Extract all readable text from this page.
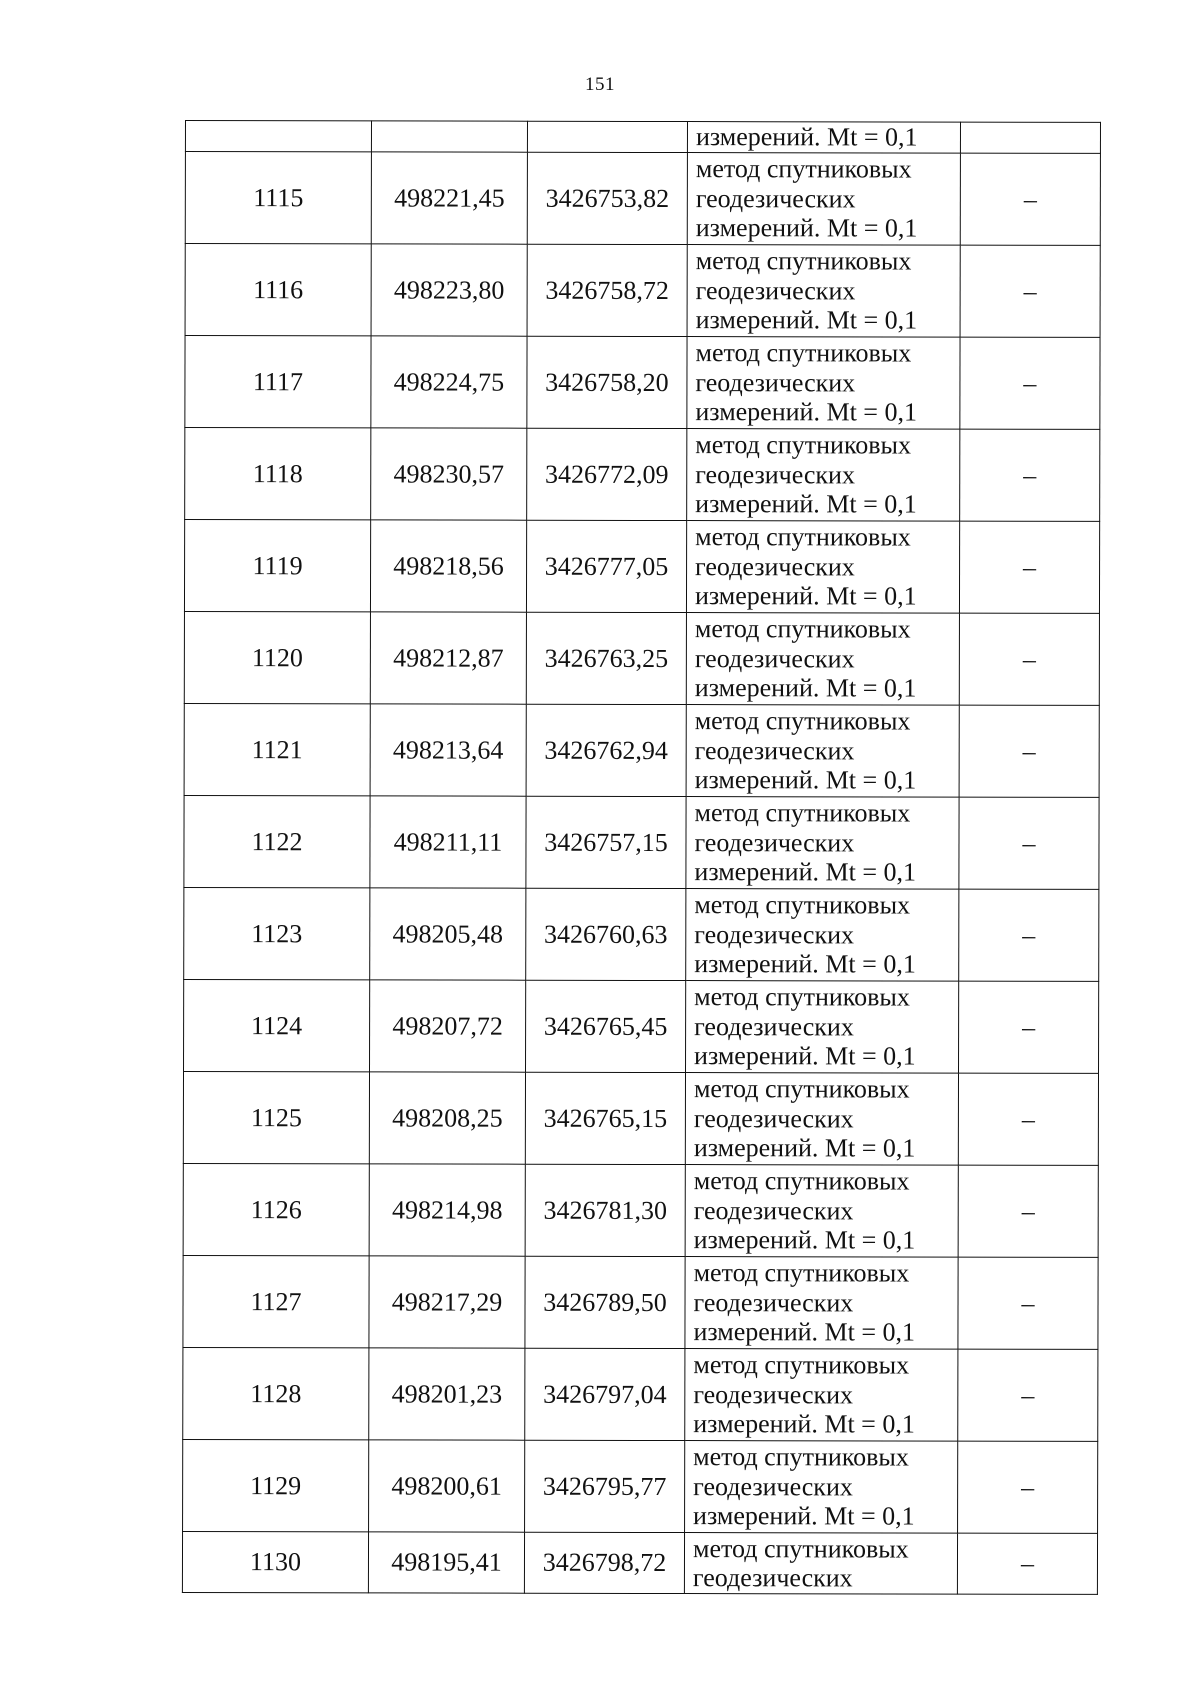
151

			измерений. Mt = 0,1	

1115	498221,45	3426753,82	метод спутниковых
геодезических
измерений. Mt = 0,1	–
1116	498223,80	3426758,72	метод спутниковых
геодезических
измерений. Mt = 0,1	–
1117	498224,75	3426758,20	метод спутниковых
геодезических
измерений. Mt = 0,1	–
1118	498230,57	3426772,09	метод спутниковых
геодезических
измерений. Mt = 0,1	–
1119	498218,56	3426777,05	метод спутниковых
геодезических
измерений. Mt = 0,1	–
1120	498212,87	3426763,25	метод спутниковых
геодезических
измерений. Mt = 0,1	–
1121	498213,64	3426762,94	метод спутниковых
геодезических
измерений. Mt = 0,1	–
1122	498211,11	3426757,15	метод спутниковых
геодезических
измерений. Mt = 0,1	–
1123	498205,48	3426760,63	метод спутниковых
геодезических
измерений. Mt = 0,1	–
1124	498207,72	3426765,45	метод спутниковых
геодезических
измерений. Mt = 0,1	–
1125	498208,25	3426765,15	метод спутниковых
геодезических
измерений. Mt = 0,1	–
1126	498214,98	3426781,30	метод спутниковых
геодезических
измерений. Mt = 0,1	–
1127	498217,29	3426789,50	метод спутниковых
геодезических
измерений. Mt = 0,1	–
1128	498201,23	3426797,04	метод спутниковых
геодезических
измерений. Mt = 0,1	–
1129	498200,61	3426795,77	метод спутниковых
геодезических
измерений. Mt = 0,1	–
1130	498195,41	3426798,72	метод спутниковых
геодезических	–
